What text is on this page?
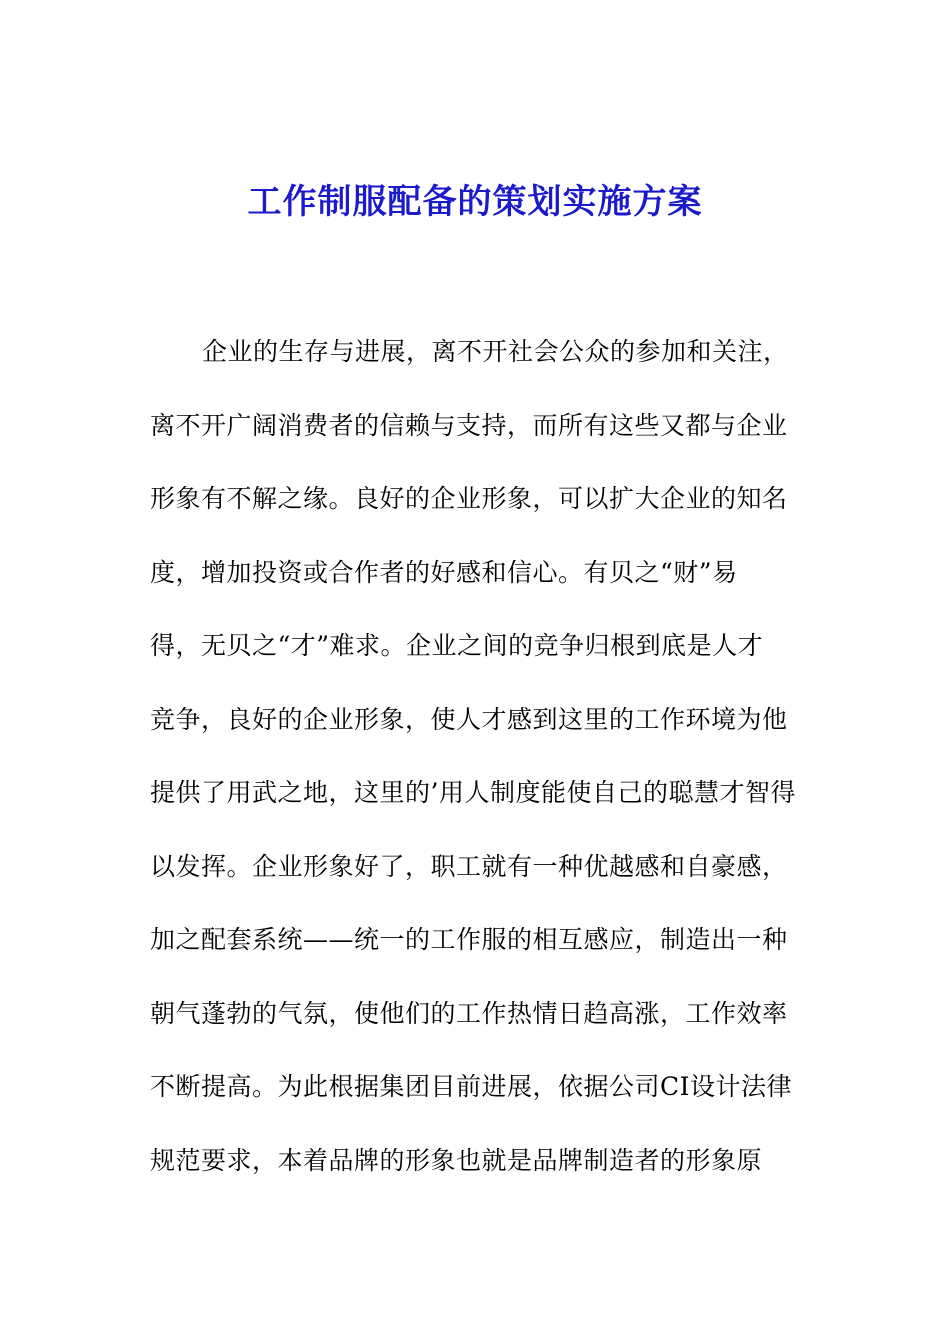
工作制服配备的策划实施方案
企业的生存与进展，离不开社会公众的参加和关注，
离不开广阔消费者的信赖与支持，而所有这些又都与企业
形象有不解之缘。良好的企业形象，可以扩大企业的知名
度，增加投资或合作者的好感和信心。有贝之“财”易
得，无贝之“才”难求。企业之间的竞争归根到底是人才
竞争，良好的企业形象，使人才感到这里的工作环境为他
提供了用武之地，这里的’用人制度能使自己的聪慧才智得
以发挥。企业形象好了，职工就有一种优越感和自豪感，
加之配套系统——统一的工作服的相互感应，制造出一种
朝气蓬勃的气氛，使他们的工作热情日趋高涨，工作效率
不断提高。为此根据集团目前进展，依据公司CI设计法律
规范要求，本着品牌的形象也就是品牌制造者的形象原
